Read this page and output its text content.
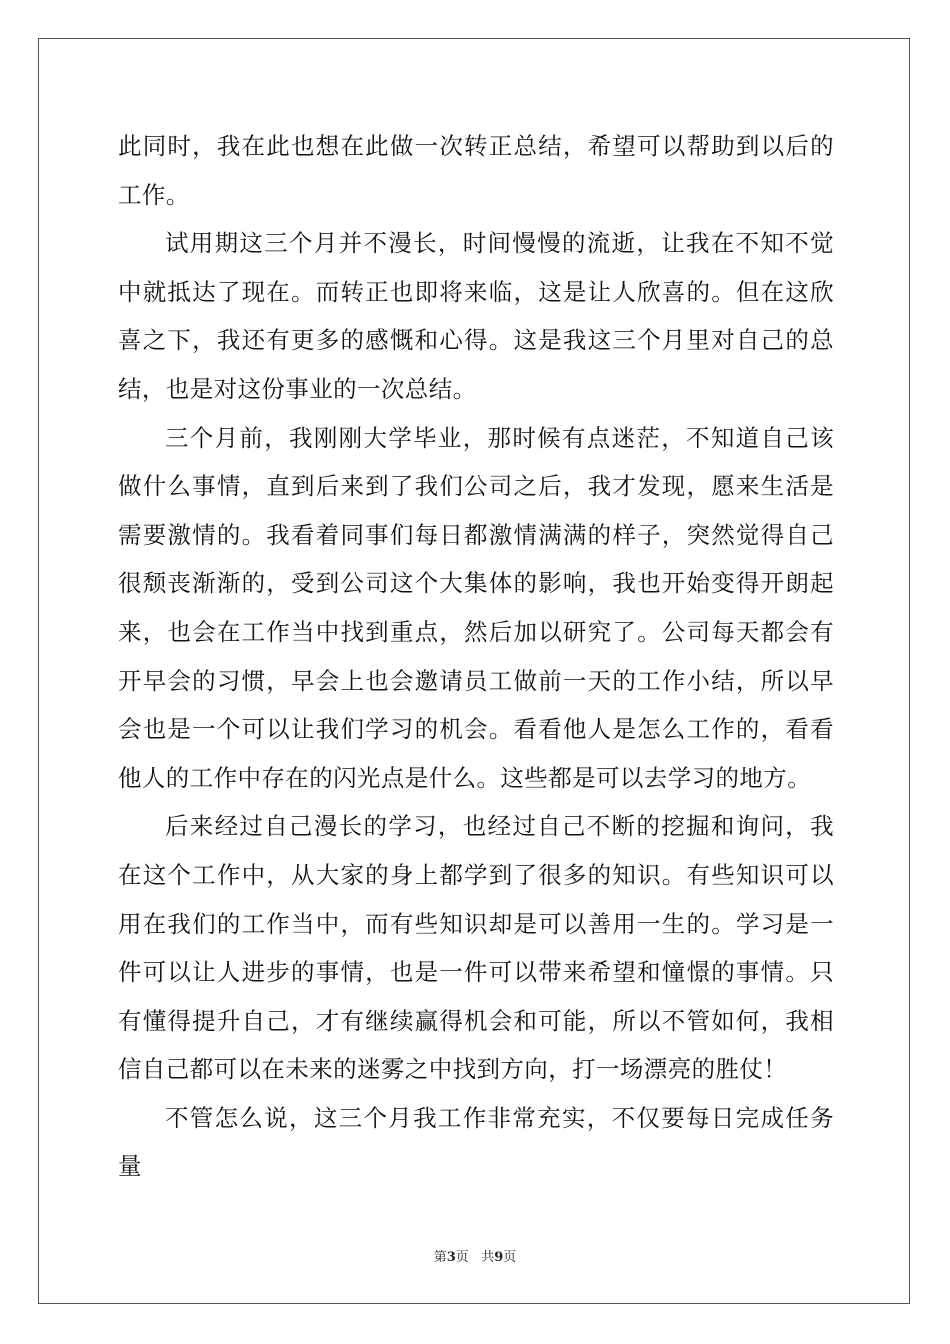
此同时，我在此也想在此做一次转正总结，希望可以帮助到以后的工作。

试用期这三个月并不漫长，时间慢慢的流逝，让我在不知不觉中就抵达了现在。而转正也即将来临，这是让人欣喜的。但在这欣喜之下，我还有更多的感慨和心得。这是我这三个月里对自己的总结，也是对这份事业的一次总结。

三个月前，我刚刚大学毕业，那时候有点迷茫，不知道自己该做什么事情，直到后来到了我们公司之后，我才发现，愿来生活是需要激情的。我看着同事们每日都激情满满的样子，突然觉得自己很颓丧渐渐的，受到公司这个大集体的影响，我也开始变得开朗起来，也会在工作当中找到重点，然后加以研究了。公司每天都会有开早会的习惯，早会上也会邀请员工做前一天的工作小结，所以早会也是一个可以让我们学习的机会。看看他人是怎么工作的，看看他人的工作中存在的闪光点是什么。这些都是可以去学习的地方。

后来经过自己漫长的学习，也经过自己不断的挖掘和询问，我在这个工作中，从大家的身上都学到了很多的知识。有些知识可以用在我们的工作当中，而有些知识却是可以善用一生的。学习是一件可以让人进步的事情，也是一件可以带来希望和憧憬的事情。只有懂得提升自己，才有继续赢得机会和可能，所以不管如何，我相信自己都可以在未来的迷雾之中找到方向，打一场漂亮的胜仗！

不管怎么说，这三个月我工作非常充实，不仅要每日完成任务量

第3页 共9页
